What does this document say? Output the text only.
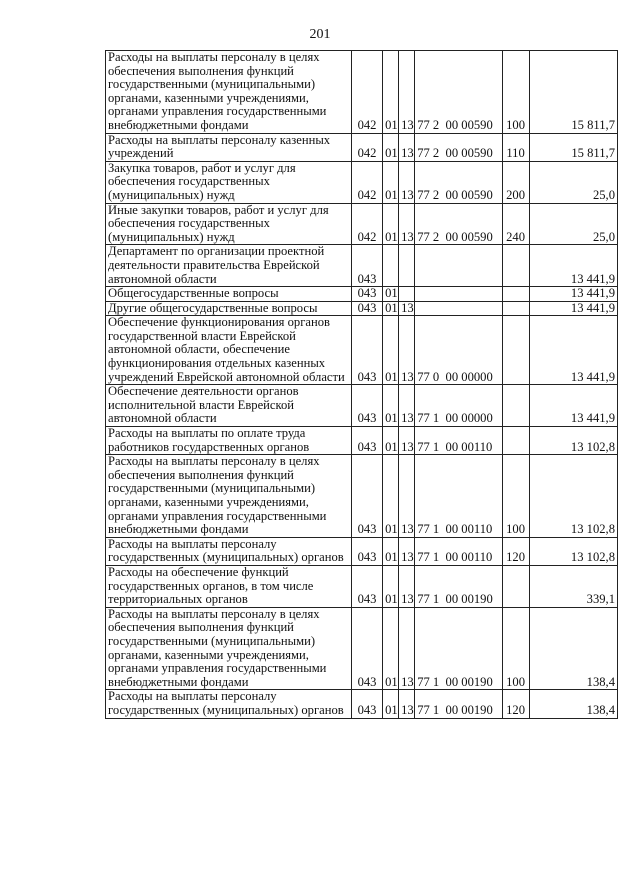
201
Расходы на выплаты персоналу в целях обеспечения выполнения функций государственными (муниципальными) органами, казенными учреждениями, органами управления государственными внебюджетными фондами	042	01	13	77 2  00 00590	100	15 811,7
Расходы на выплаты персоналу казенных учреждений	042	01	13	77 2  00 00590	110	15 811,7
Закупка товаров, работ и услуг для обеспечения государственных (муниципальных) нужд	042	01	13	77 2  00 00590	200	25,0
Иные закупки товаров, работ и услуг для обеспечения государственных (муниципальных) нужд	042	01	13	77 2  00 00590	240	25,0
Департамент по организации проектной деятельности правительства Еврейской автономной области	043					13 441,9
Общегосударственные вопросы	043	01				13 441,9
Другие общегосударственные вопросы	043	01	13			13 441,9
Обеспечение функционирования органов государственной власти Еврейской автономной области, обеспечение функционирования отдельных казенных учреждений Еврейской автономной области	043	01	13	77 0  00 00000		13 441,9
Обеспечение деятельности органов исполнительной власти Еврейской автономной области	043	01	13	77 1  00 00000		13 441,9
Расходы на выплаты по оплате труда работников государственных органов	043	01	13	77 1  00 00110		13 102,8
Расходы на выплаты персоналу в целях обеспечения выполнения функций государственными (муниципальными) органами, казенными учреждениями, органами управления государственными внебюджетными фондами	043	01	13	77 1  00 00110	100	13 102,8
Расходы на выплаты персоналу государственных (муниципальных) органов	043	01	13	77 1  00 00110	120	13 102,8
Расходы на обеспечение функций государственных органов, в том числе территориальных органов	043	01	13	77 1  00 00190		339,1
Расходы на выплаты персоналу в целях обеспечения выполнения функций государственными (муниципальными) органами, казенными учреждениями, органами управления государственными внебюджетными фондами	043	01	13	77 1  00 00190	100	138,4
Расходы на выплаты персоналу государственных (муниципальных) органов	043	01	13	77 1  00 00190	120	138,4
